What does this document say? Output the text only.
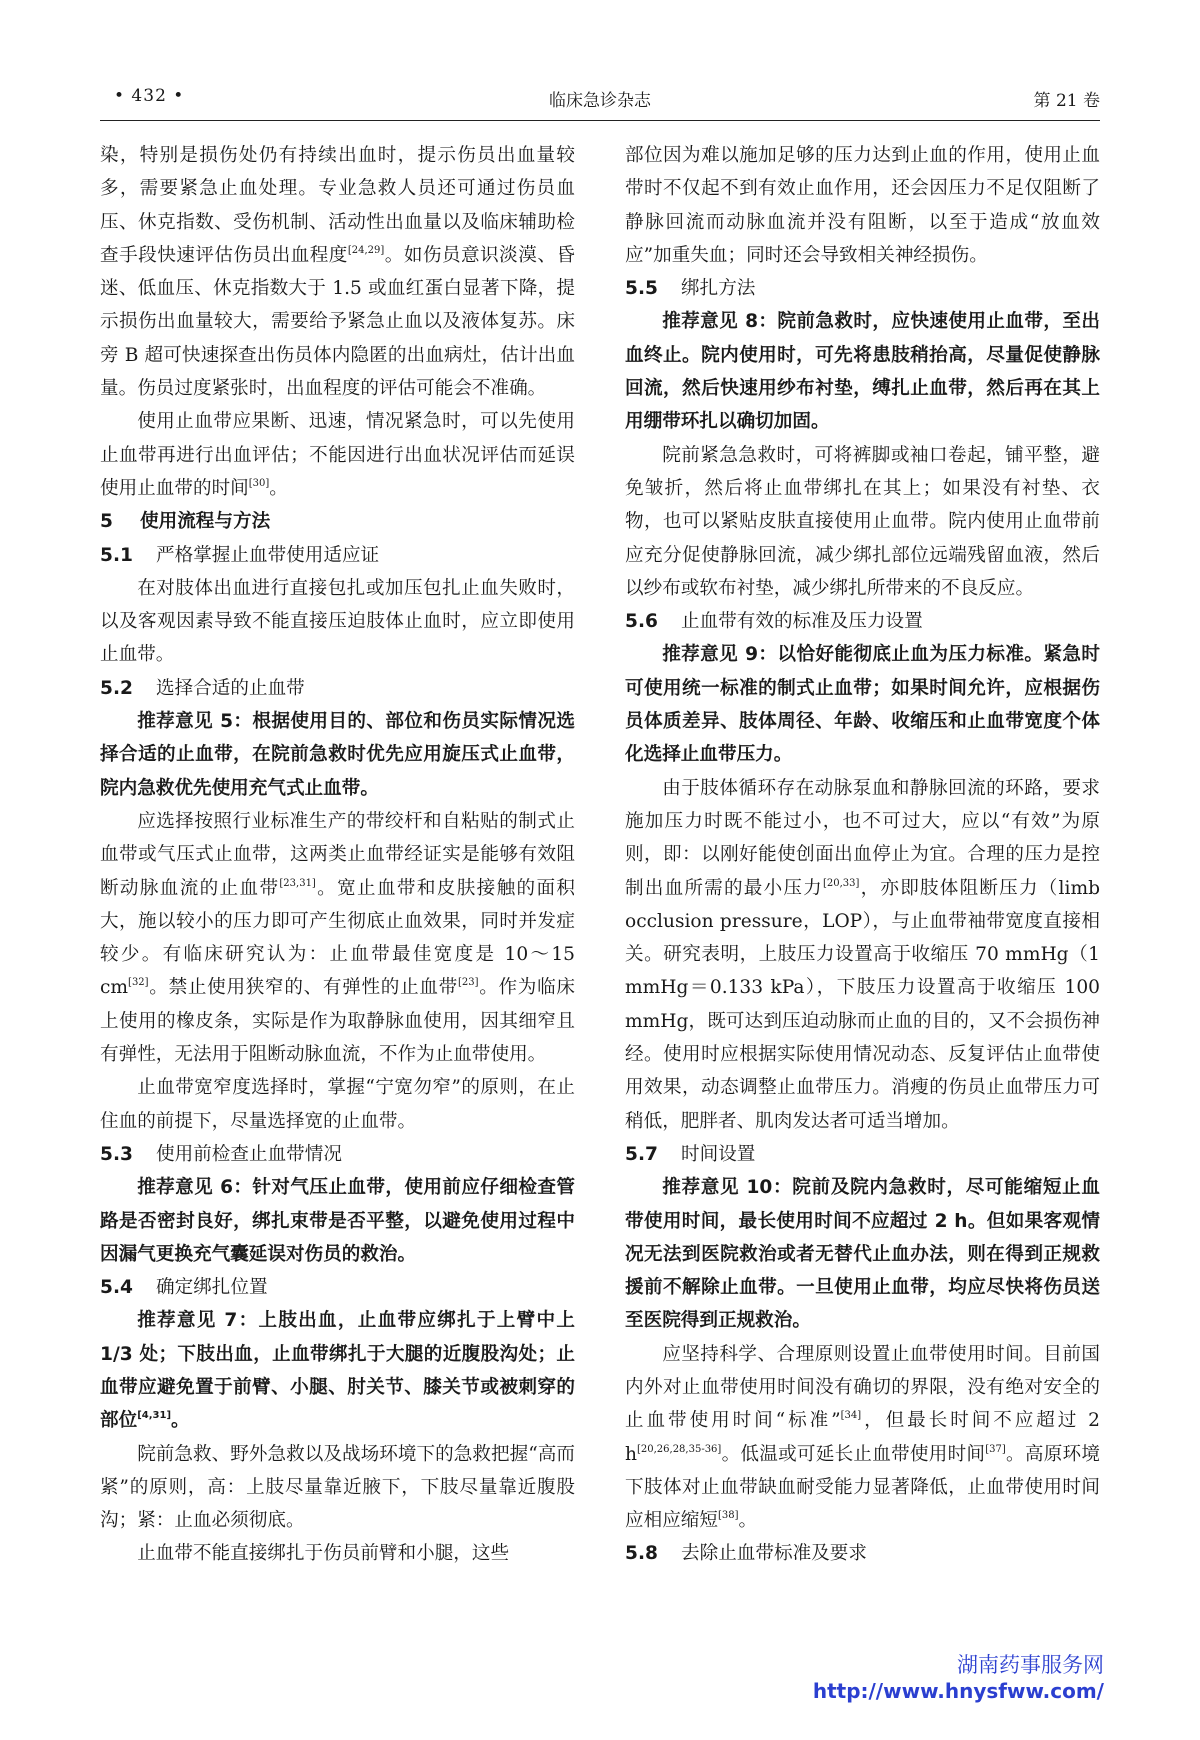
• 432 •	临床急诊杂志	第 21 卷

染，特别是损伤处仍有持续出血时，提示伤员出血量较多，需要紧急止血处理。专业急救人员还可通过伤员血压、休克指数、受伤机制、活动性出血量以及临床辅助检查手段快速评估伤员出血程度[24,29]。如伤员意识淡漠、昏迷、低血压、休克指数大于 1.5 或血红蛋白显著下降，提示损伤出血量较大，需要给予紧急止血以及液体复苏。床旁 B 超可快速探查出伤员体内隐匿的出血病灶，估计出血量。伤员过度紧张时，出血程度的评估可能会不准确。

使用止血带应果断、迅速，情况紧急时，可以先使用止血带再进行出血评估；不能因进行出血状况评估而延误使用止血带的时间[30]。

5 使用流程与方法
5.1 严格掌握止血带使用适应证

在对肢体出血进行直接包扎或加压包扎止血失败时，以及客观因素导致不能直接压迫肢体止血时，应立即使用止血带。

5.2 选择合适的止血带

推荐意见 5：根据使用目的、部位和伤员实际情况选择合适的止血带，在院前急救时优先应用旋压式止血带，院内急救优先使用充气式止血带。

应选择按照行业标准生产的带绞杆和自粘贴的制式止血带或气压式止血带，这两类止血带经证实是能够有效阻断动脉血流的止血带[23,31]。宽止血带和皮肤接触的面积大，施以较小的压力即可产生彻底止血效果，同时并发症较少。有临床研究认为：止血带最佳宽度是 10～15 cm[32]。禁止使用狭窄的、有弹性的止血带[23]。作为临床上使用的橡皮条，实际是作为取静脉血使用，因其细窄且有弹性，无法用于阻断动脉血流，不作为止血带使用。

止血带宽窄度选择时，掌握“宁宽勿窄”的原则，在止住血的前提下，尽量选择宽的止血带。

5.3 使用前检查止血带情况

推荐意见 6：针对气压止血带，使用前应仔细检查管路是否密封良好，绑扎束带是否平整，以避免使用过程中因漏气更换充气囊延误对伤员的救治。

5.4 确定绑扎位置

推荐意见 7：上肢出血，止血带应绑扎于上臂中上 1/3 处；下肢出血，止血带绑扎于大腿的近腹股沟处；止血带应避免置于前臂、小腿、肘关节、膝关节或被刺穿的部位[4,31]。

院前急救、野外急救以及战场环境下的急救把握“高而紧”的原则，高：上肢尽量靠近腋下，下肢尽量靠近腹股沟；紧：止血必须彻底。

止血带不能直接绑扎于伤员前臂和小腿，这些

部位因为难以施加足够的压力达到止血的作用，使用止血带时不仅起不到有效止血作用，还会因压力不足仅阻断了静脉回流而动脉血流并没有阻断，以至于造成“放血效应”加重失血；同时还会导致相关神经损伤。

5.5 绑扎方法

推荐意见 8：院前急救时，应快速使用止血带，至出血终止。院内使用时，可先将患肢稍抬高，尽量促使静脉回流，然后快速用纱布衬垫，缚扎止血带，然后再在其上用绷带环扎以确切加固。

院前紧急急救时，可将裤脚或袖口卷起，铺平整，避免皱折，然后将止血带绑扎在其上；如果没有衬垫、衣物，也可以紧贴皮肤直接使用止血带。院内使用止血带前应充分促使静脉回流，减少绑扎部位远端残留血液，然后以纱布或软布衬垫，减少绑扎所带来的不良反应。

5.6 止血带有效的标准及压力设置

推荐意见 9：以恰好能彻底止血为压力标准。紧急时可使用统一标准的制式止血带；如果时间允许，应根据伤员体质差异、肢体周径、年龄、收缩压和止血带宽度个体化选择止血带压力。

由于肢体循环存在动脉泵血和静脉回流的环路，要求施加压力时既不能过小，也不可过大，应以“有效”为原则，即：以刚好能使创面出血停止为宜。合理的压力是控制出血所需的最小压力[20,33]，亦即肢体阻断压力（limb occlusion pressure，LOP），与止血带袖带宽度直接相关。研究表明，上肢压力设置高于收缩压 70 mmHg（1 mmHg＝0.133 kPa），下肢压力设置高于收缩压 100 mmHg，既可达到压迫动脉而止血的目的，又不会损伤神经。使用时应根据实际使用情况动态、反复评估止血带使用效果，动态调整止血带压力。消瘦的伤员止血带压力可稍低，肥胖者、肌肉发达者可适当增加。

5.7 时间设置

推荐意见 10：院前及院内急救时，尽可能缩短止血带使用时间，最长使用时间不应超过 2 h。但如果客观情况无法到医院救治或者无替代止血办法，则在得到正规救援前不解除止血带。一旦使用止血带，均应尽快将伤员送至医院得到正规救治。

应坚持科学、合理原则设置止血带使用时间。目前国内外对止血带使用时间没有确切的界限，没有绝对安全的止血带使用时间“标准”[34]，但最长时间不应超过 2 h[20,26,28,35-36]。低温或可延长止血带使用时间[37]。高原环境下肢体对止血带缺血耐受能力显著降低，止血带使用时间应相应缩短[38]。

5.8 去除止血带标准及要求
湖南药事服务网
http://www.hnysfww.com/
